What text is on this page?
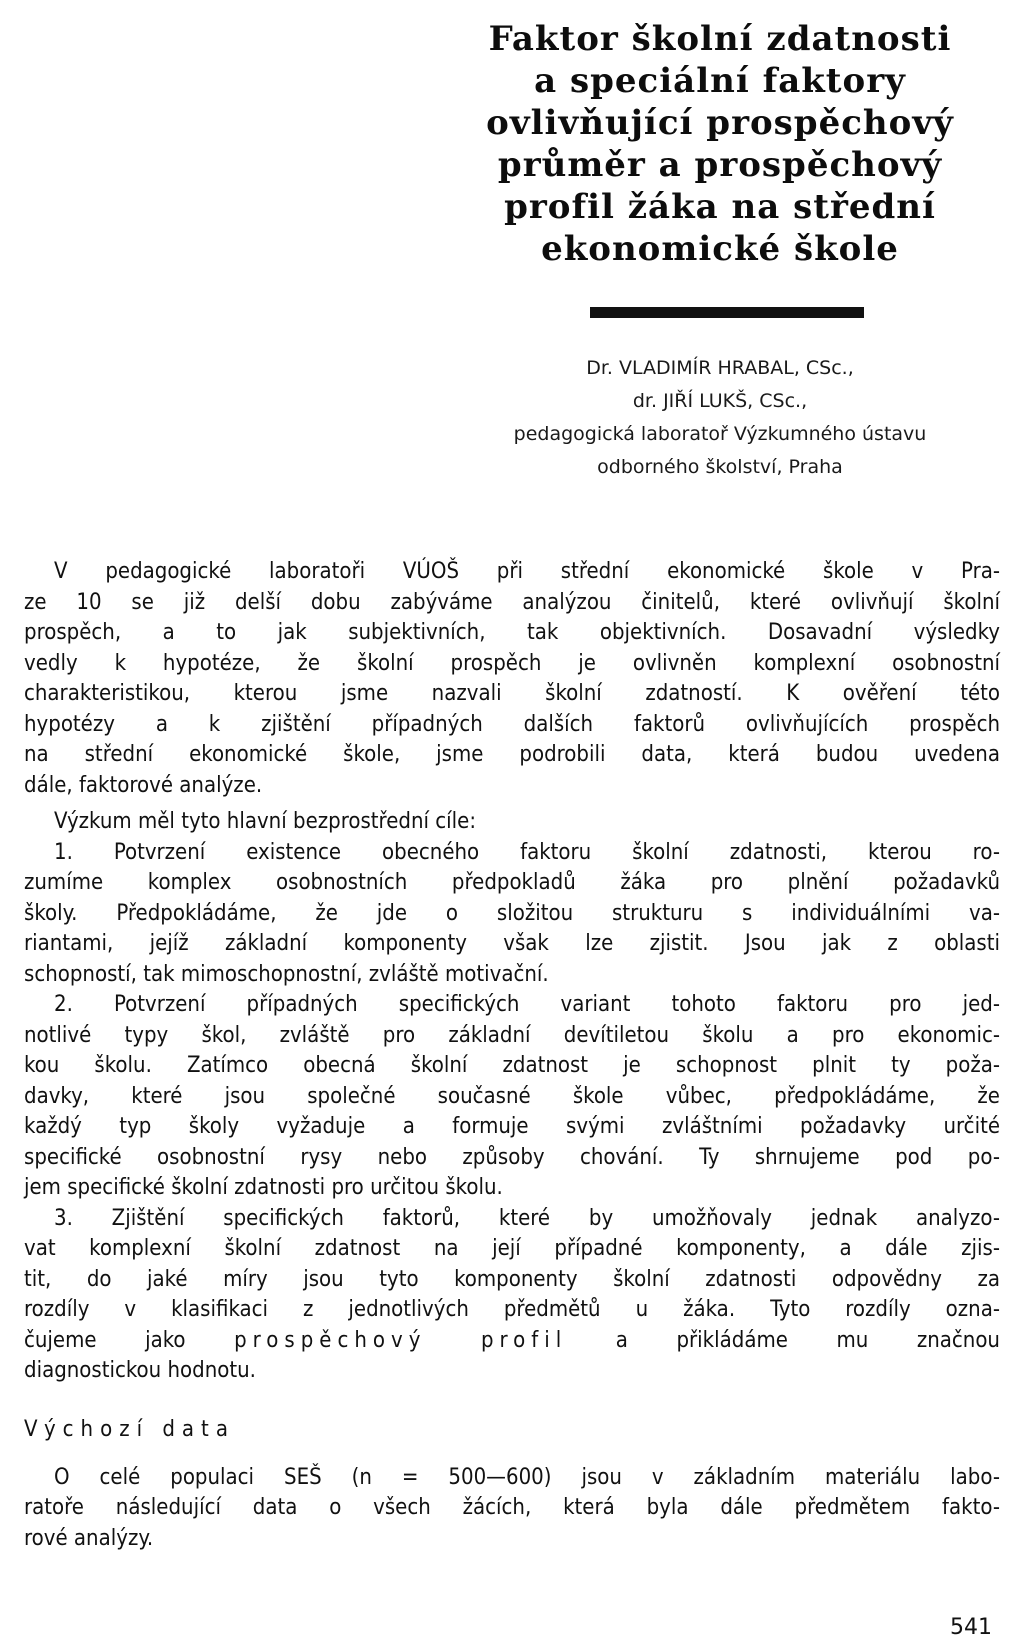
Faktor školní zdatnosti
a speciální faktory
ovlivňující prospěchový
průměr a prospěchový
profil žáka na střední
ekonomické škole
Dr. VLADIMÍR HRABAL, CSc.,
dr. JIŘÍ LUKŠ, CSc.,
pedagogická laboratoř Výzkumného ústavu
odborného školství, Praha

V pedagogické laboratoři VÚOŠ při střední ekonomické škole v Pra-
ze 10 se již delší dobu zabýváme analýzou činitelů, které ovlivňují školní
prospěch, a to jak subjektivních, tak objektivních. Dosavadní výsledky
vedly k hypotéze, že školní prospěch je ovlivněn komplexní osobnostní
charakteristikou, kterou jsme nazvali školní zdatností. K ověření této
hypotézy a k zjištění případných dalších faktorů ovlivňujících prospěch
na střední ekonomické škole, jsme podrobili data, která budou uvedena
dále, faktorové analýze.

Výzkum měl tyto hlavní bezprostřední cíle:

1. Potvrzení existence obecného faktoru školní zdatnosti, kterou ro-
zumíme komplex osobnostních předpokladů žáka pro plnění požadavků
školy. Předpokládáme, že jde o složitou strukturu s individuálními va-
riantami, jejíž základní komponenty však lze zjistit. Jsou jak z oblasti
schopností, tak mimoschopnostní, zvláště motivační.

2. Potvrzení případných specifických variant tohoto faktoru pro jed-
notlivé typy škol, zvláště pro základní devítiletou školu a pro ekonomic-
kou školu. Zatímco obecná školní zdatnost je schopnost plnit ty poža-
davky, které jsou společné současné škole vůbec, předpokládáme, že
každý typ školy vyžaduje a formuje svými zvláštními požadavky určité
specifické osobnostní rysy nebo způsoby chování. Ty shrnujeme pod po-
jem specifické školní zdatnosti pro určitou školu.

3. Zjištění specifických faktorů, které by umožňovaly jednak analyzo-
vat komplexní školní zdatnost na její případné komponenty, a dále zjis-
tit, do jaké míry jsou tyto komponenty školní zdatnosti odpovědny za
rozdíly v klasifikaci z jednotlivých předmětů u žáka. Tyto rozdíly ozna-
čujeme jako prospěchový profil a přikládáme mu značnou
diagnostickou hodnotu.

Výchozí data

O celé populaci SEŠ (n = 500—600) jsou v základním materiálu labo-
ratoře následující data o všech žácích, která byla dále předmětem fakto-
rové analýzy.

541
